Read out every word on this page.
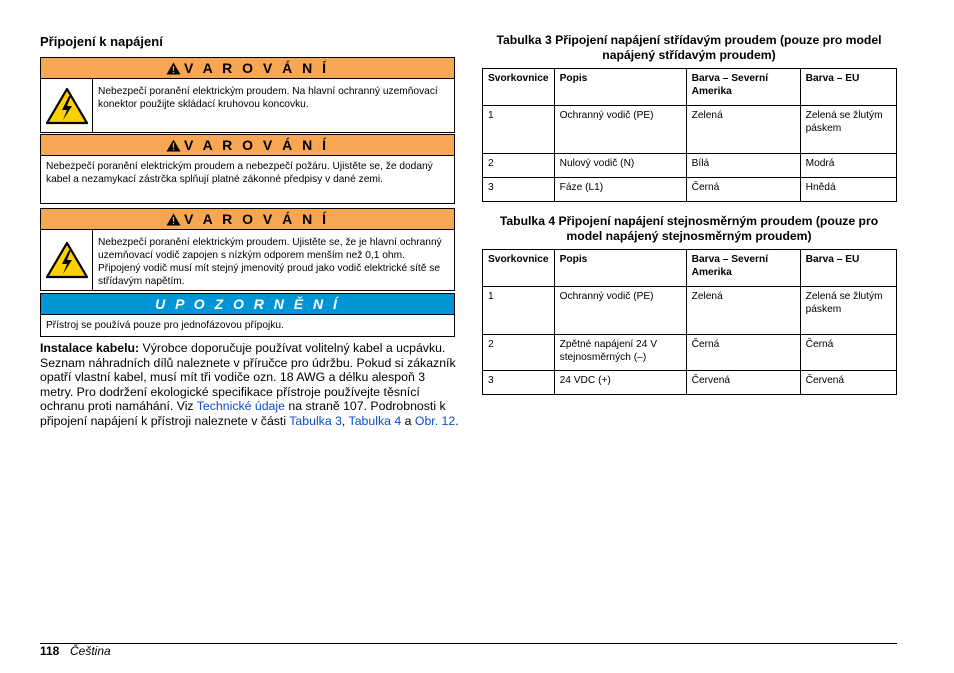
Připojení k napájení
V A R O V Á N Í
Nebezpečí poranění elektrickým proudem. Na hlavní ochranný uzemňovací konektor použijte skládací kruhovou koncovku.
V A R O V Á N Í
Nebezpečí poranění elektrickým proudem a nebezpečí požáru. Ujistěte se, že dodaný kabel a nezamykací zástrčka splňují platné zákonné předpisy v dané zemi.
V A R O V Á N Í
Nebezpečí poranění elektrickým proudem. Ujistěte se, že je hlavní ochranný uzemňovací vodič zapojen s nízkým odporem menším než 0,1 ohm. Připojený vodič musí mít stejný jmenovitý proud jako vodič elektrické sítě se střídavým napětím.
U P O Z O R N Ě N Í
Přístroj se používá pouze pro jednofázovou přípojku.
Instalace kabelu: Výrobce doporučuje používat volitelný kabel a ucpávku. Seznam náhradních dílů naleznete v příručce pro údržbu. Pokud si zákazník opatří vlastní kabel, musí mít tři vodiče ozn. 18 AWG a délku alespoň 3 metry. Pro dodržení ekologické specifikace přístroje používejte těsnící ochranu proti namáhání. Viz Technické údaje na straně 107. Podrobnosti k připojení napájení k přístroji naleznete v části Tabulka 3, Tabulka 4 a Obr. 12.
Tabulka 3 Připojení napájení střídavým proudem (pouze pro model
napájený střídavým proudem)
Svorkovnice	Popis	Barva – Severní Amerika	Barva – EU
1	Ochranný vodič (PE)	Zelená	Zelená se žlutým páskem
2	Nulový vodič (N)	Bílá	Modrá
3	Fáze (L1)	Černá	Hnědá
Tabulka 4 Připojení napájení stejnosměrným proudem (pouze pro
model napájený stejnosměrným proudem)
Svorkovnice	Popis	Barva – Severní Amerika	Barva – EU
1	Ochranný vodič (PE)	Zelená	Zelená se žlutým páskem
2	Zpětné napájení 24 V stejnosměrných (–)	Černá	Černá
3	24 VDC (+)	Červená	Červená
118 Čeština
